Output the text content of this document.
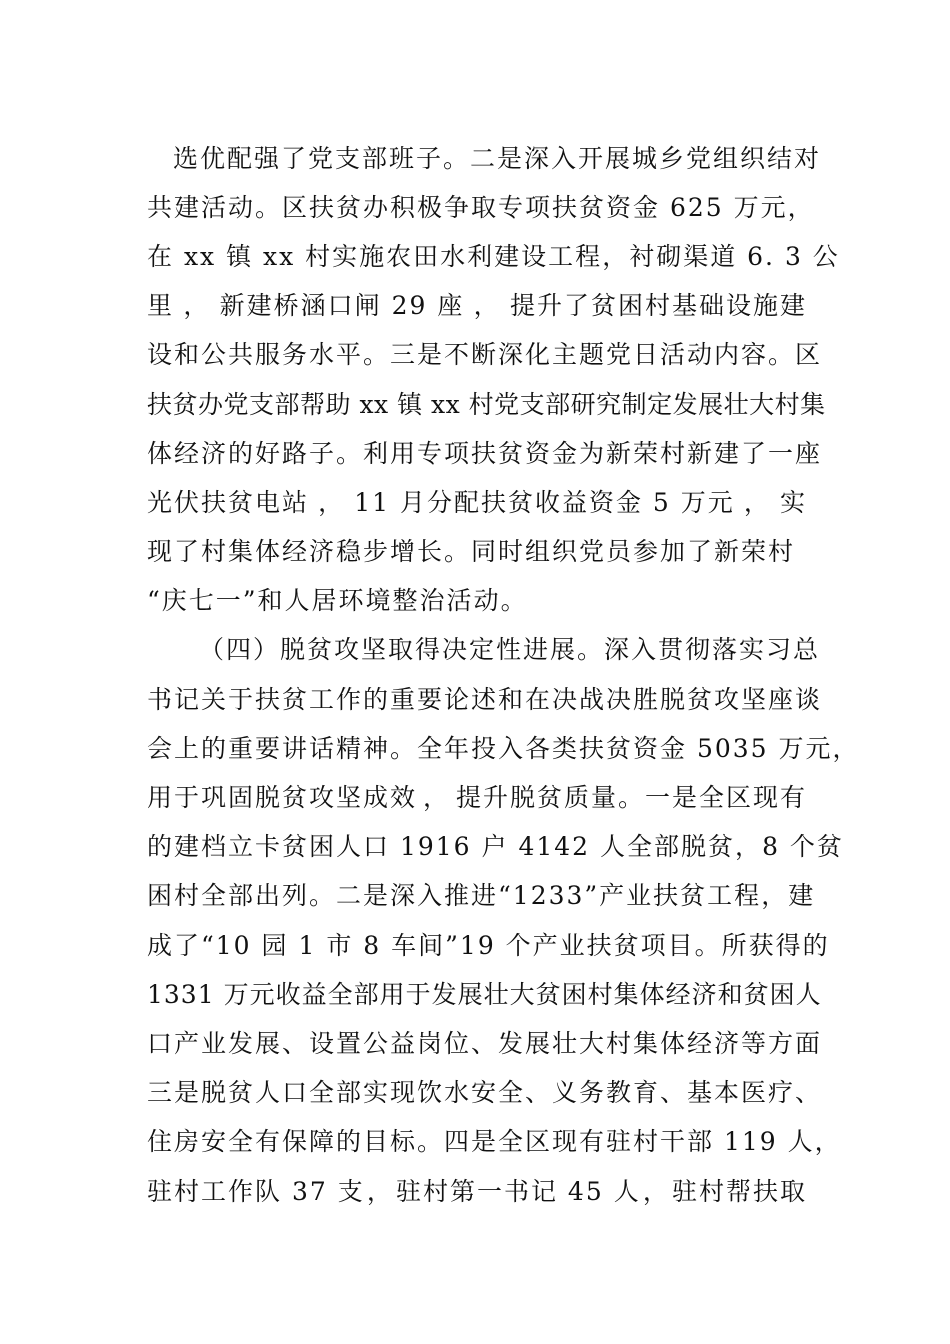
选优配强了党支部班子。二是深入开展城乡党组织结对
共建活动。区扶贫办积极争取专项扶贫资金 625 万元 ，
在 xx 镇 xx 村实施农田水利建设工程 ， 衬砌渠道 6. 3 公
里 ， 新建桥涵口闸 29 座 ， 提升了贫困村基础设施建
设和公共服务水平。三是不断深化主题党日活动内容。区
扶贫办党支部帮助 xx 镇 xx 村党支部研究制定发展壮大村集
体经济的好路子。利用专项扶贫资金为新荣村新建了一座
光伏扶贫电站 ， 11 月分配扶贫收益资金 5 万元 ， 实
现了村集体经济稳步增长。同时组织党员参加了新荣村
“庆七一”和人居环境整治活动。
（四）脱贫攻坚取得决定性进展。深入贯彻落实习总
书记关于扶贫工作的重要论述和在决战决胜脱贫攻坚座谈
会上的重要讲话精神。全年投入各类扶贫资金 5035 万元 ，
用于巩固脱贫攻坚成效 ， 提升脱贫质量。一是全区现有
的建档立卡贫困人口 1916 户 4142 人全部脱贫 ， 8 个贫
困村全部出列。二是深入推进“1233”产业扶贫工程 ， 建
成了“10 园 1 市 8 车间”19 个产业扶贫项目。所获得的
1331 万元收益全部用于发展壮大贫困村集体经济和贫困人
口产业发展、设置公益岗位、发展壮大村集体经济等方面
三是脱贫人口全部实现饮水安全、义务教育、基本医疗、
住房安全有保障的目标。四是全区现有驻村干部 119 人 ，
驻村工作队 37 支 ， 驻村第一书记 45 人 ， 驻村帮扶取
